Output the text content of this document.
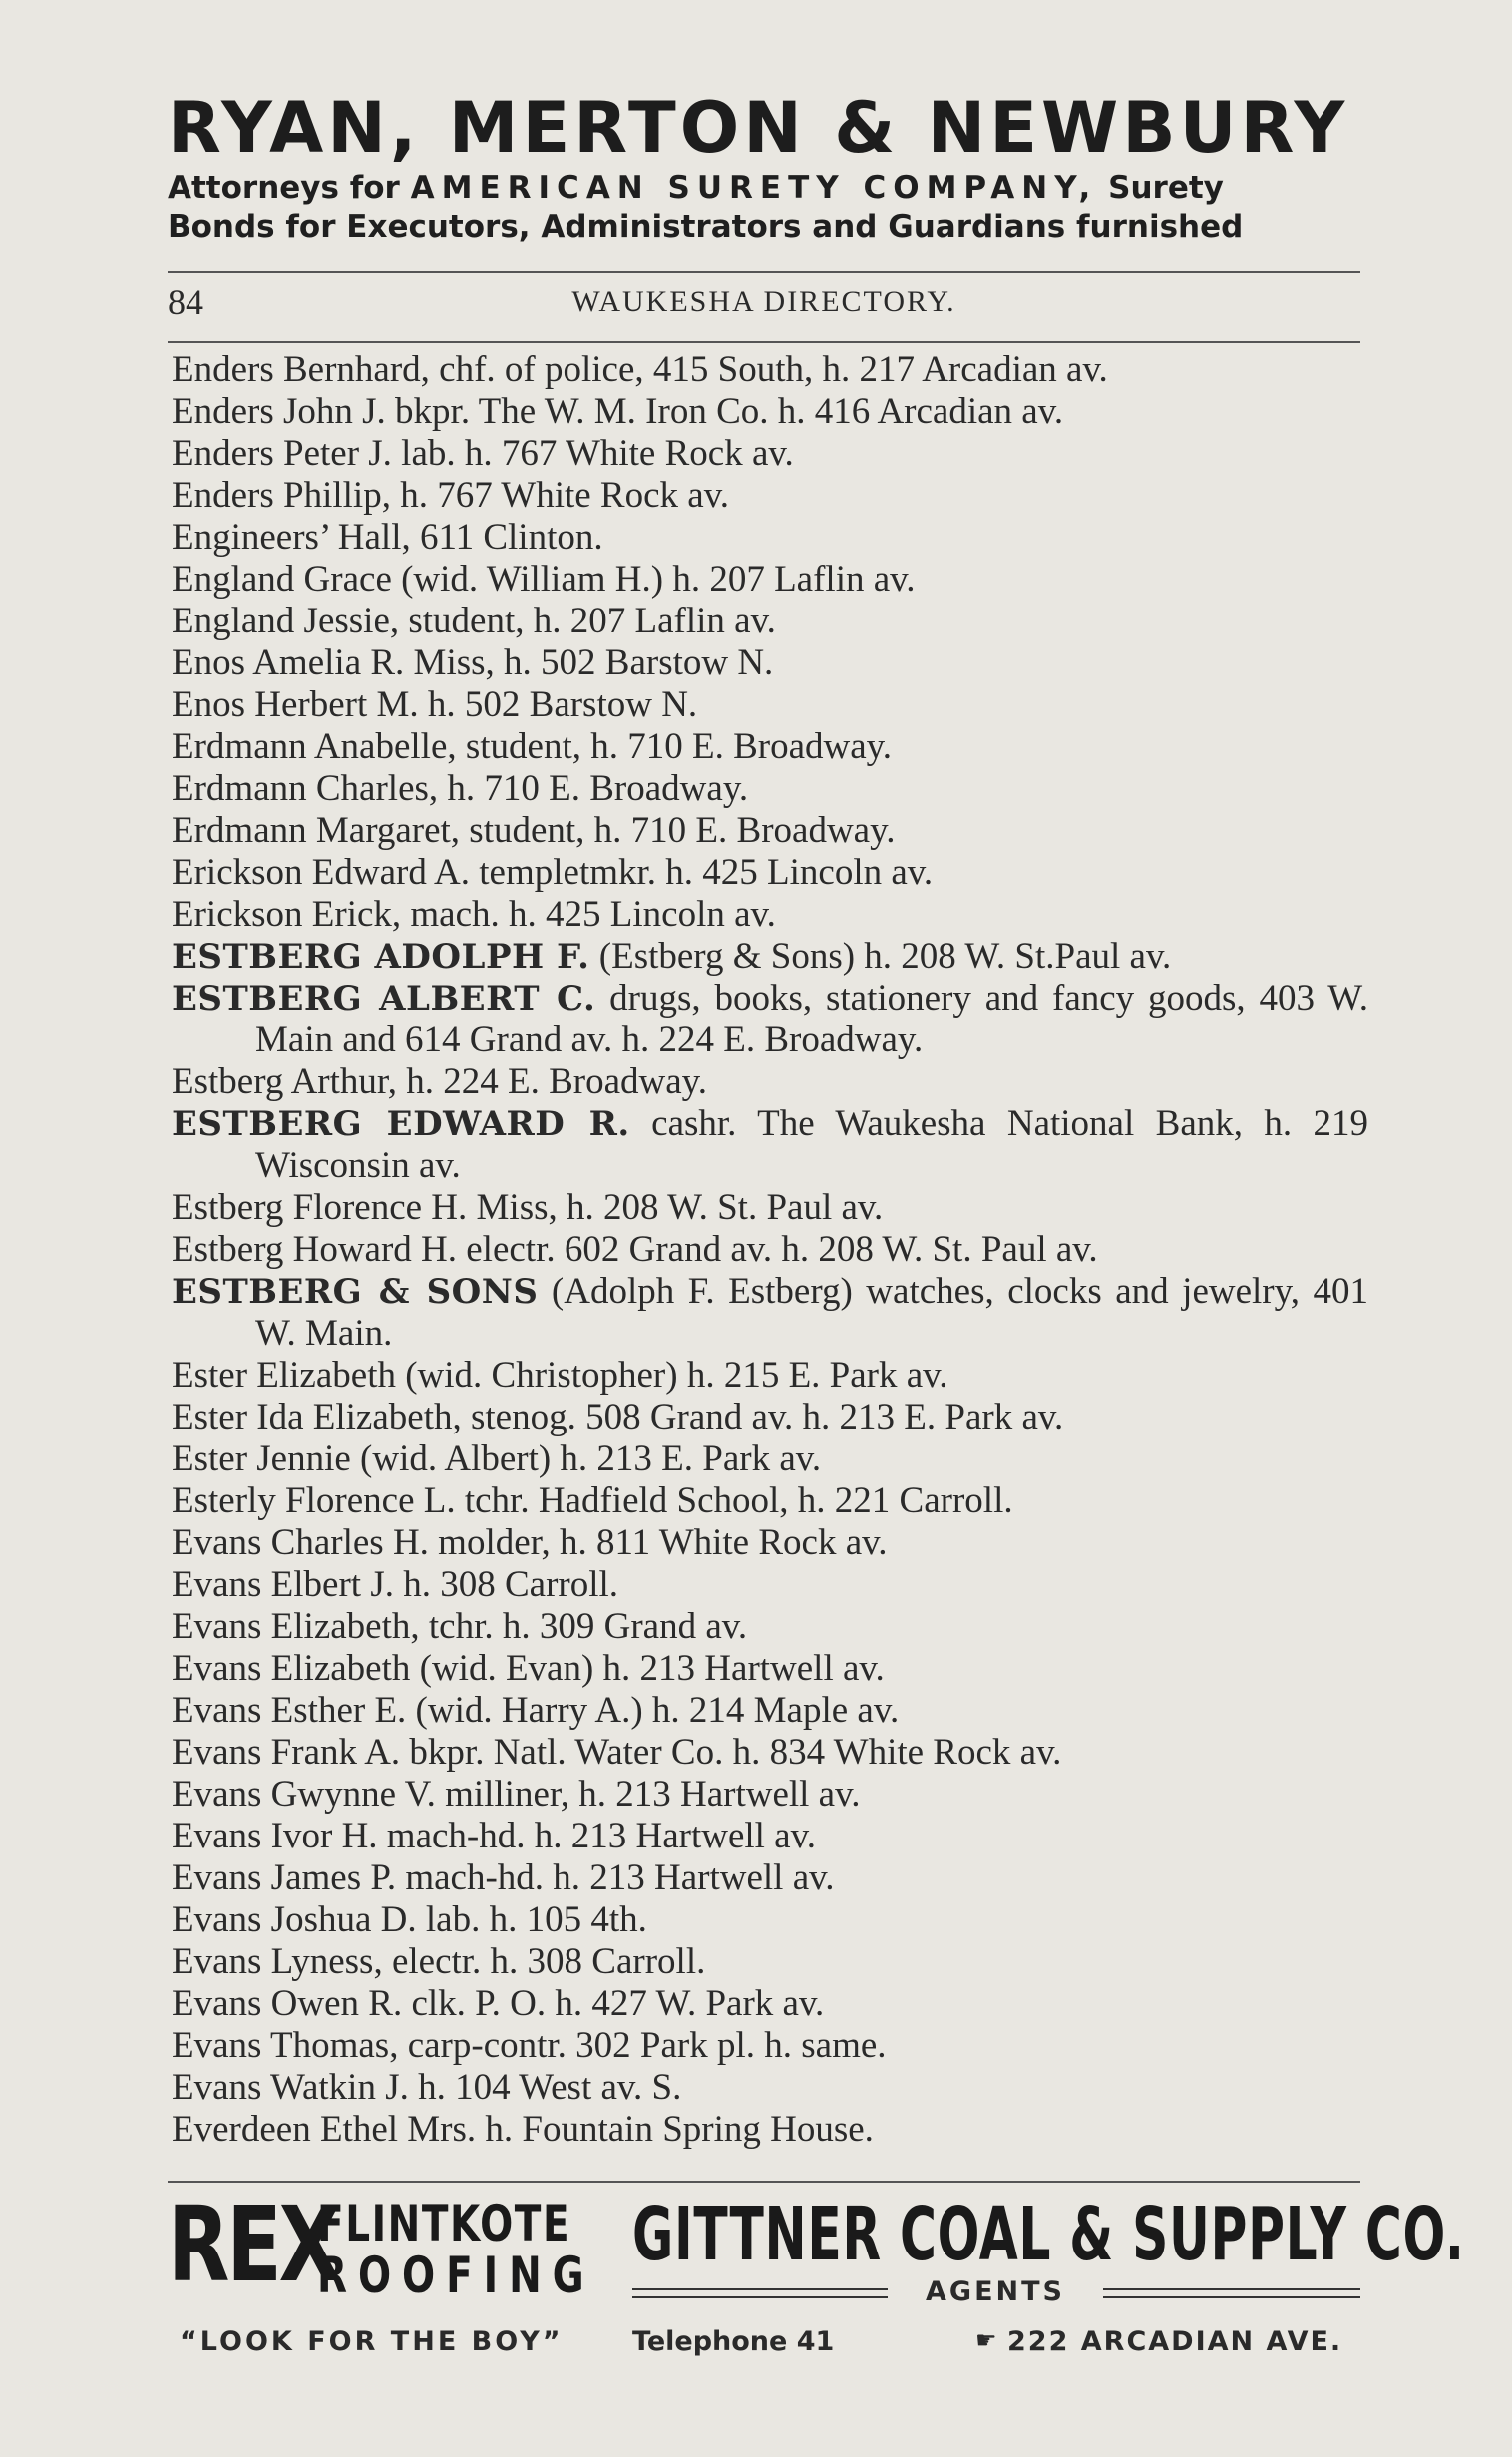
RYAN, MERTON & NEWBURY
Attorneys for AMERICAN SURETY COMPANY, Surety
Bonds for Executors, Administrators and Guardians furnished
84	WAUKESHA DIRECTORY.
Enders Bernhard, chf. of police, 415 South, h. 217 Arcadian av.
Enders John J. bkpr. The W. M. Iron Co. h. 416 Arcadian av.
Enders Peter J. lab. h. 767 White Rock av.
Enders Phillip, h. 767 White Rock av.
Engineers’ Hall, 611 Clinton.
England Grace (wid. William H.) h. 207 Laflin av.
England Jessie, student, h. 207 Laflin av.
Enos Amelia R. Miss, h. 502 Barstow N.
Enos Herbert M. h. 502 Barstow N.
Erdmann Anabelle, student, h. 710 E. Broadway.
Erdmann Charles, h. 710 E. Broadway.
Erdmann Margaret, student, h. 710 E. Broadway.
Erickson Edward A. templetmkr. h. 425 Lincoln av.
Erickson Erick, mach. h. 425 Lincoln av.
ESTBERG ADOLPH F. (Estberg & Sons) h. 208 W. St.Paul av.
ESTBERG ALBERT C. drugs, books, stationery and fancy goods, 403 W. Main and 614 Grand av. h. 224 E. Broadway.
Estberg Arthur, h. 224 E. Broadway.
ESTBERG EDWARD R. cashr. The Waukesha National Bank, h. 219 Wisconsin av.
Estberg Florence H. Miss, h. 208 W. St. Paul av.
Estberg Howard H. electr. 602 Grand av. h. 208 W. St. Paul av.
ESTBERG & SONS (Adolph F. Estberg) watches, clocks and jewelry, 401 W. Main.
Ester Elizabeth (wid. Christopher) h. 215 E. Park av.
Ester Ida Elizabeth, stenog. 508 Grand av. h. 213 E. Park av.
Ester Jennie (wid. Albert) h. 213 E. Park av.
Esterly Florence L. tchr. Hadfield School, h. 221 Carroll.
Evans Charles H. molder, h. 811 White Rock av.
Evans Elbert J. h. 308 Carroll.
Evans Elizabeth, tchr. h. 309 Grand av.
Evans Elizabeth (wid. Evan) h. 213 Hartwell av.
Evans Esther E. (wid. Harry A.) h. 214 Maple av.
Evans Frank A. bkpr. Natl. Water Co. h. 834 White Rock av.
Evans Gwynne V. milliner, h. 213 Hartwell av.
Evans Ivor H. mach-hd. h. 213 Hartwell av.
Evans James P. mach-hd. h. 213 Hartwell av.
Evans Joshua D. lab. h. 105 4th.
Evans Lyness, electr. h. 308 Carroll.
Evans Owen R. clk. P. O. h. 427 W. Park av.
Evans Thomas, carp-contr. 302 Park pl. h. same.
Evans Watkin J. h. 104 West av. S.
Everdeen Ethel Mrs. h. Fountain Spring House.
REX
FLINTKOTE
ROOFING GITTNER COAL & SUPPLY CO.
AGENTS
“LOOK FOR THE BOY”	Telephone 41	☛ 222 ARCADIAN AVE.
